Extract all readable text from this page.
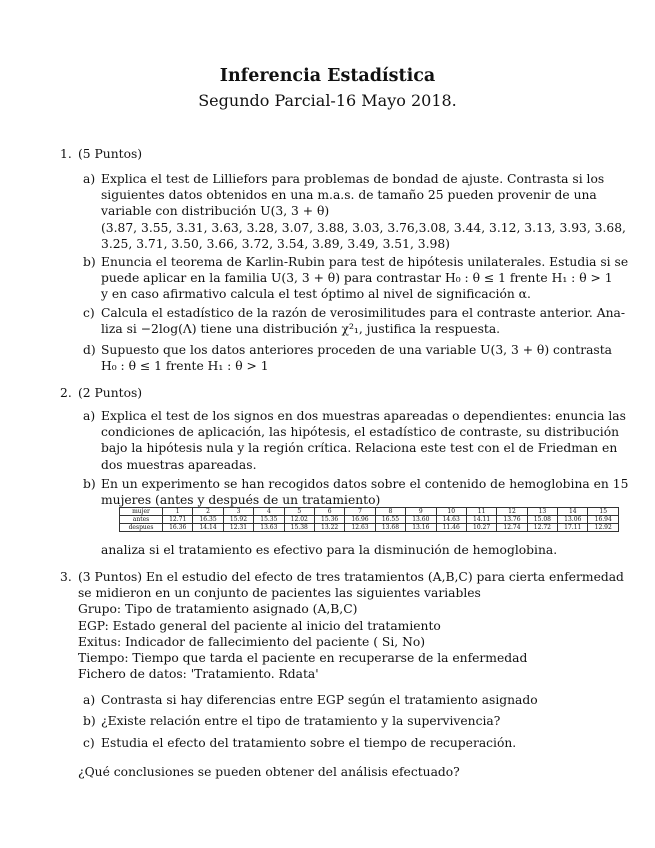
Inferencia Estadística
Segundo Parcial-16 Mayo 2018.
1. (5 Puntos)
a) Explica el test de Lilliefors para problemas de bondad de ajuste. Contrasta si los
siguientes datos obtenidos en una m.a.s. de tamaño 25 pueden provenir de una
variable con distribución U(3, 3 + θ)
(3.87, 3.55, 3.31, 3.63, 3.28, 3.07, 3.88, 3.03, 3.76,3.08, 3.44, 3.12, 3.13, 3.93, 3.68,
3.25, 3.71, 3.50, 3.66, 3.72, 3.54, 3.89, 3.49, 3.51, 3.98)
b) Enuncia el teorema de Karlin-Rubin para test de hipótesis unilaterales. Estudia si se
puede aplicar en la familia U(3, 3 + θ) para contrastar H₀ : θ ≤ 1 frente H₁ : θ > 1
y en caso afirmativo calcula el test óptimo al nivel de significación α.
c) Calcula el estadístico de la razón de verosimilitudes para el contraste anterior. Ana-
liza si −2log(Λ) tiene una distribución χ²₁, justifica la respuesta.
d) Supuesto que los datos anteriores proceden de una variable U(3, 3 + θ) contrasta
H₀ : θ ≤ 1 frente H₁ : θ > 1
2. (2 Puntos)
a) Explica el test de los signos en dos muestras apareadas o dependientes: enuncia las
condiciones de aplicación, las hipótesis, el estadístico de contraste, su distribución
bajo la hipótesis nula y la región crítica. Relaciona este test con el de Friedman en
dos muestras apareadas.
b) En un experimento se han recogidos datos sobre el contenido de hemoglobina en 15
mujeres (antes y después de un tratamiento)
mujer	1	2	3	4	5	6	7	8	9	10	11	12	13	14	15
antes	12.71	16.35	15.92	15.35	12.02	15.36	16.96	16.55	13.60	14.63	14.11	13.76	15.08	13.06	16.94
despues	16.36	14.14	12.31	13.63	15.38	13.22	12.63	13.68	13.16	11.46	10.27	12.74	12.72	17.11	12.92
analiza si el tratamiento es efectivo para la disminución de hemoglobina.
3. (3 Puntos) En el estudio del efecto de tres tratamientos (A,B,C) para cierta enfermedad
se midieron en un conjunto de pacientes las siguientes variables
Grupo: Tipo de tratamiento asignado (A,B,C)
EGP: Estado general del paciente al inicio del tratamiento
Exitus: Indicador de fallecimiento del paciente ( Si, No)
Tiempo: Tiempo que tarda el paciente en recuperarse de la enfermedad
Fichero de datos: 'Tratamiento. Rdata'
a) Contrasta si hay diferencias entre EGP según el tratamiento asignado
b) ¿Existe relación entre el tipo de tratamiento y la supervivencia?
c) Estudia el efecto del tratamiento sobre el tiempo de recuperación.
¿Qué conclusiones se pueden obtener del análisis efectuado?
